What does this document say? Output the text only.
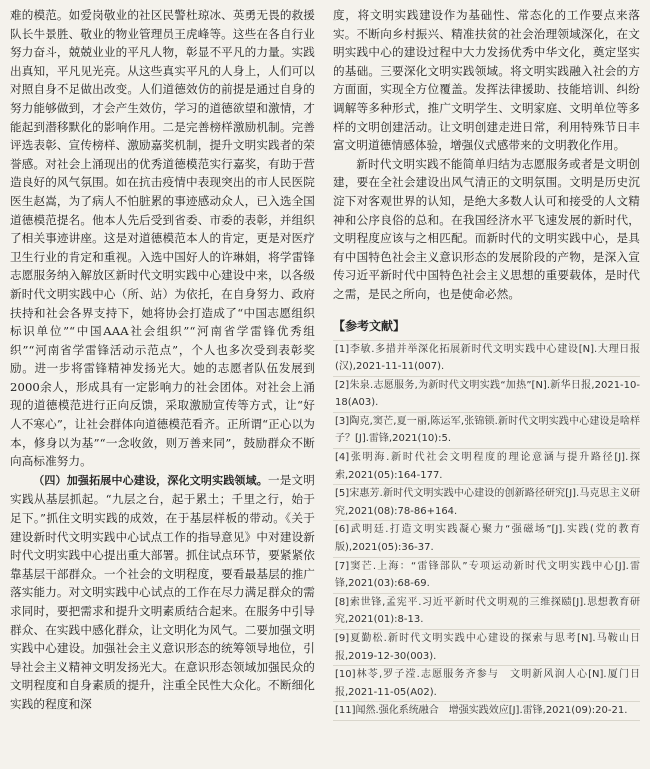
难的模范。如爱岗敬业的社区民警杜琼冰、英勇无畏的救援队长牛景胜、敬业的物业管理员王虎峰等。这些在各自行业努力奋斗，兢兢业业的平凡人物，彰显不平凡的力量。实践出真知，平凡见光亮。从这些真实平凡的人身上，人们可以对照自身不足做出改变。人们道德效仿的前提是通过自身的努力能够做到，才会产生效仿，学习的道德欲望和激情，才能起到潜移默化的影响作用。二是完善榜样激励机制。完善评选表彰、宣传榜样、激励嘉奖机制，提升文明实践者的荣誉感。对社会上涌现出的优秀道德模范实行嘉奖，有助于营造良好的风气氛围。如在抗击疫情中表现突出的市人民医院医生赵嵩，为了病人不怕脏累的事迹感动众人，已入选全国道德模范提名。他本人先后受到省委、市委的表彰，并组织了相关事迹讲座。这是对道德模范本人的肯定，更是对医疗卫生行业的肯定和重视。入选中国好人的许琳娟，将学雷锋志愿服务纳入解放区新时代文明实践中心建设中来，以各级新时代文明实践中心（所、站）为依托，在自身努力、政府扶持和社会各界支持下，她将协会打造成了“中国志愿组织标识单位”“中国AAA社会组织”“河南省学雷锋优秀组织”“河南省学雷锋活动示范点”，个人也多次受到表彰奖励。进一步将雷锋精神发扬光大。她的志愿者队伍发展到2000余人，形成具有一定影响力的社会团体。对社会上涌现的道德模范进行正向反馈，采取激励宣传等方式，让“好人不寒心”，让社会群体向道德模范看齐。正所谓“正心以为本，修身以为基”“一念收敛，则万善来同”，鼓励群众不断向高标准努力。

（四）加强拓展中心建设，深化文明实践领域。一是文明实践从基层抓起。“九层之台，起于累土；千里之行，始于足下。”抓住文明实践的成效，在于基层样板的带动。《关于建设新时代文明实践中心试点工作的指导意见》中对建设新时代文明实践中心提出重大部署。抓住试点环节，要紧紧依靠基层干部群众。一个社会的文明程度，要看最基层的推广落实能力。对文明实践中心试点的工作在尽力满足群众的需求同时，要把需求和提升文明素质结合起来。在服务中引导群众、在实践中感化群众，让文明化为风气。二要加强文明实践中心建设。加强社会主义意识形态的统筹领导地位，引导社会主义精神文明发扬光大。在意识形态领域加强民众的文明程度和自身素质的提升，注重全民性大众化。不断细化实践的程度和深

度，将文明实践建设作为基础性、常态化的工作要点来落实。不断向乡村振兴、精准扶贫的社会治理领域深化，在文明实践中心的建设过程中大力发扬优秀中华文化，奠定坚实的基础。三要深化文明实践领域。将文明实践融入社会的方方面面，实现全方位覆盖。发挥法律援助、技能培训、纠纷调解等多种形式，推广文明学生、文明家庭、文明单位等多样的文明创建活动。让文明创建走进日常，利用特殊节日丰富文明道德情感体验，增强仪式感带来的文明教化作用。

新时代文明实践不能简单归结为志愿服务或者是文明创建，要在全社会建设出风气清正的文明氛围。文明是历史沉淀下对客观世界的认知，是绝大多数人认可和接受的人文精神和公序良俗的总和。在我国经济水平飞速发展的新时代，文明程度应该与之相匹配。而新时代的文明实践中心，是具有中国特色社会主义意识形态的发展阶段的产物，是深入宣传习近平新时代中国特色社会主义思想的重要载体，是时代之需，是民之所向，也是使命必然。

【参考文献】
[1]李敏.多措并举深化拓展新时代文明实践中心建设[N].大理日报(汉),2021-11-11(007).
[2]朱泉.志愿服务,为新时代文明实践“加热”[N].新华日报,2021-10-18(A03).
[3]陶克,窦芒,夏一丽,陈运军,张锦锁.新时代文明实践中心建设是啥样子？[J].雷锋,2021(10):5.
[4]张明海.新时代社会文明程度的理论意涵与提升路径[J].探索,2021(05):164-177.
[5]宋惠芳.新时代文明实践中心建设的创新路径研究[J].马克思主义研究,2021(08):78-86+164.
[6]武明廷.打造文明实践凝心聚力“强磁场”[J].实践(党的教育版),2021(05):36-37.
[7]窦芒.上海：“雷锋部队”专项运动新时代文明实践中心[J].雷锋,2021(03):68-69.
[8]索世锋,孟宪平.习近平新时代文明观的三维探赜[J].思想教育研究,2021(01):8-13.
[9]夏勤松.新时代文明实践中心建设的探索与思考[N].马鞍山日报,2019-12-30(003).
[10]林苓,罗子滢.志愿服务齐参与　文明新风润人心[N].厦门日报,2021-11-05(A02).
[11]闻然.强化系统融合　增强实践效应[J].雷锋,2021(09):20-21.
